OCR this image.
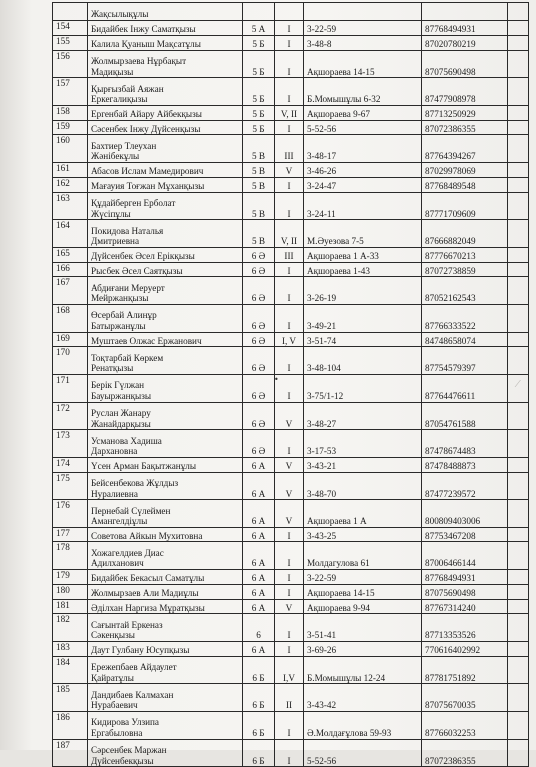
	Жақсылықұлы					
154	Бидайбек Інжу Саматқызы	5 А	I	3-22-59	87768494931	
155	Калила Қуаныш Мақсатұлы	5 Б	I	3-48-8	87020780219	
156	Жолмырзаева Нұрбақыт
Мадиқызы	5 Б	I	Ақшораева 14-15	87075690498	
157	Қырғызбай Аяжан
Еркегалиқызы	5 Б	I	Б.Момышұлы 6-32	87477908978	
158	Ергенбай Айару Айбекқызы	5 Б	V, II	Ақшораева 9-67	87713250929	
159	Сәсенбек Інжу Дүйсенқызы	5 Б	I	5-52-56	87072386355	
160	Бахтиер Тлеухан
Жәнібекұлы	5 В	III	3-48-17	87764394267	
161	Абасов Ислам Мамедирович	5 В	V	3-46-26	87029978069	
162	Мағауия Тоғжан Мұханқызы	5 В	I	3-24-47	87768489548	
163	Құдайберген Ерболат
Жүсіпұлы	5 В	I	3-24-11	87771709609	
164	Покидова Наталья
Дмитриевна	5 В	V, II	М.Әуезова 7-5	87666882049	
165	Дүйсенбек Әсел Ерікқызы	6 Ә	III	Ақшораева 1 А-33	87776670213	
166	Рысбек Әсел Саятқызы	6 Ә	I	Ақшораева 1-43	87072738859	
167	Абдиғани Меруерт
Мейржанқызы	6 Ә	I	3-26-19	87052162543	
168	Өсербай Алинұр
Батыржанұлы	6 Ә	I	3-49-21	87766333522	
169	Муштаев Олжас Ержанович	6 Ә	I, V	3-51-74	84748658074	
170	Тоқтарбай Көркем
Ренатқызы	6 Ә	I	3-48-104	87754579397	
171	Берік Гүлжан
Бауыржанқызы	6 Ә	I	3-75/1-12	87764476611	
172	Руслан Жанару
Жанайдарқызы	6 Ә	V	3-48-27	87054761588	
173	Усманова Хадиша
Дархановна	6 Ә	I	3-17-53	87478674483	
174	Үсен Арман Бақытжанұлы	6 А	V	3-43-21	87478488873	
175	Бейсенбекова Жұлдыз
Нуралиевна	6 А	V	3-48-70	87477239572	
176	Пернебай Сүлеймен
Амангелдіұлы	6 А	V	Ақшораева 1 А	800809403006	
177	Советова Айкын Мухитовна	6 А	I	3-43-25	87753467208	
178	Хожагелдиев Диас
Адилханович	6 А	I	Молдагулова 61	87006466144	
179	Бидайбек Бекасыл Саматұлы	6 А	I	3-22-59	87768494931	
180	Жолмырзаев Али Мадиұлы	6 А	I	Ақшораева 14-15	87075690498	
181	Әділхан Наргиза Мұратқызы	6 А	V	Ақшораева 9-94	87767314240	
182	Сағынтай Еркеназ
Сәкенқызы	6	I	3-51-41	87713353526	
183	Даут Гулбану Юсупқызы	6 А	I	3-69-26	770616402992	
184	Ережепбаев Айдаулет
Қайратұлы	6 Б	I,V	Б.Момышұлы 12-24	87781751892	
185	Дандибаев Калмахан
Нурабаевич	6 Б	II	3-43-42	87075670035	
186	Кидирова Улзипа
Ергабыловна	6 Б	I	Ә.Молдағұлова 59-93	87766032253	
187	Сәрсенбек Маржан
Дүйсенбекқызы	6 Б	I	5-52-56	87072386355	
•
⁄
